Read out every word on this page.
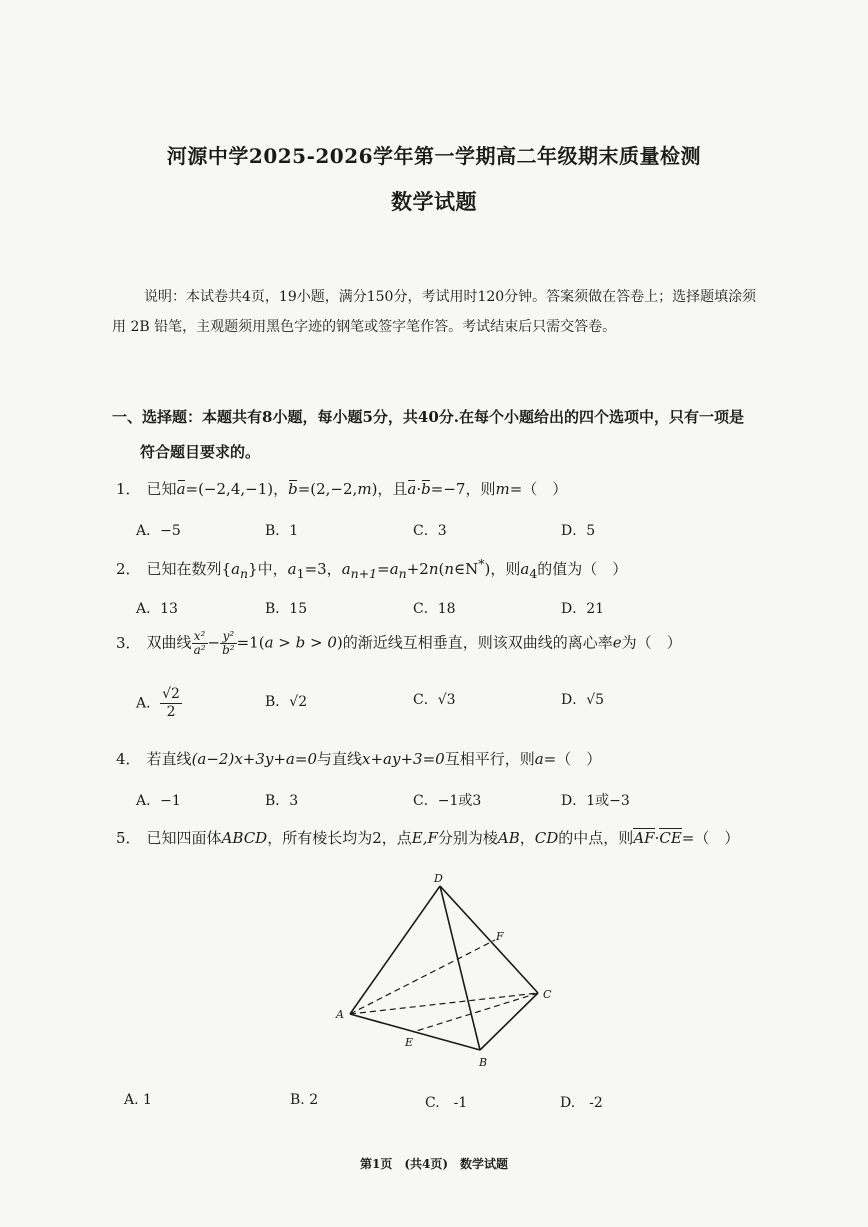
河源中学2025-2026学年第一学期高二年级期末质量检测
数学试题
说明：本试卷共4页，19小题，满分150分，考试用时120分钟。答案须做在答卷上；选择题填涂须用 2B 铅笔，主观题须用黑色字迹的钢笔或签字笔作答。考试结束后只需交答卷。
一、选择题：本题共有8小题，每小题5分，共40分.在每个小题给出的四个选项中，只有一项是
符合题目要求的。
1． 已知a=(−2,4,−1)，b=(2,−2,m)，且a·b=−7，则m=（　）
A．−5	B．1	C．3	D．5
2． 已知在数列$\{a_n\}$中，$a_1=3$，$a_{n+1}=a_n+2n(n\in N^*)$，则$a_4$的值为（　）
A．13	B．15	C．18	D．21
3． 双曲线 $\frac{\text{x²}}{\text{a²}} - \frac{\text{y²}}{\text{b²}} =1(a > b > 0)$的渐近线互相垂直，则该双曲线的离心率e为（　）
A． $\frac{√2}{2}$	B．√2	C．√3	D．√5
4． 若直线(a−2)x+3y+a=0与直线x+ay+3=0互相平行，则a=（　）
A．−1	B．3	C．−1或3	D．1或−3
5． 已知四面体ABCD，所有棱长均为2，点E,F分别为棱AB，CD的中点，则AF·CE=（　）
D
F
C
A
E
B
A. 1	B. 2	C.　-1	D.　-2
第1页　(共4页)　数学试题
